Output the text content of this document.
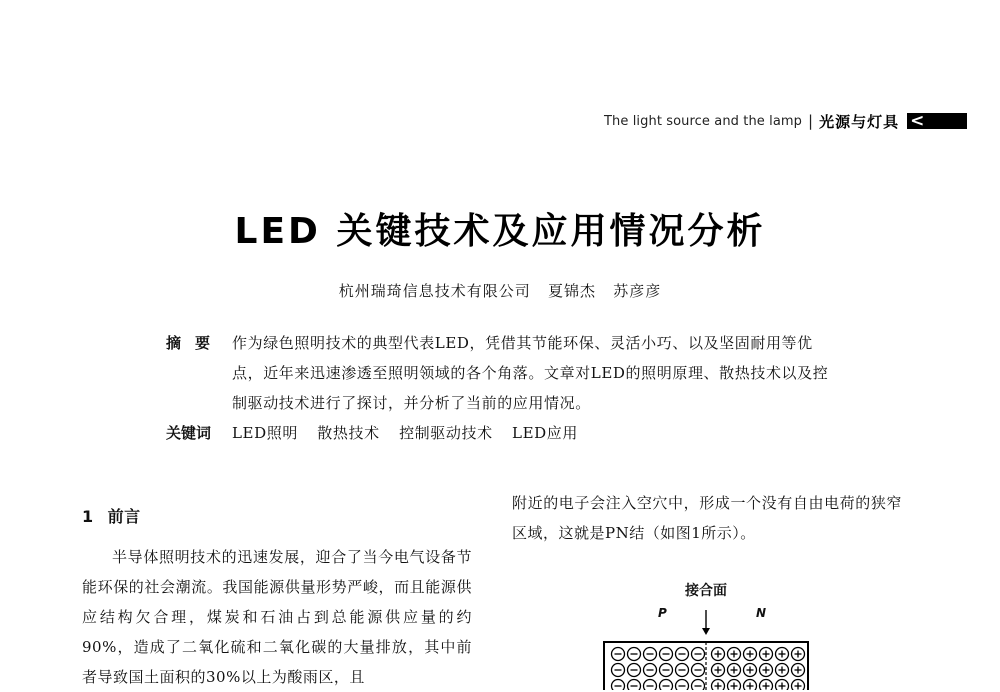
The light source and the lamp | 光源与灯具 <
LED 关键技术及应用情况分析
杭州瑞琦信息技术有限公司   夏锦杰   苏彦彦
摘要 作为绿色照明技术的典型代表LED，凭借其节能环保、灵活小巧、以及坚固耐用等优点，近年来迅速渗透至照明领域的各个角落。文章对LED的照明原理、散热技术以及控制驱动技术进行了探讨，并分析了当前的应用情况。
关键词	LED照明 散热技术 控制驱动技术 LED应用
1 前言

半导体照明技术的迅速发展，迎合了当今电气设备节能环保的社会潮流。我国能源供量形势严峻，而且能源供应结构欠合理，煤炭和石油占到总能源供应量的约90%，造成了二氧化硫和二氧化碳的大量排放，其中前者导致国土面积的30%以上为酸雨区，且

附近的电子会注入空穴中，形成一个没有自由电荷的狭窄区域，这就是PN结（如图1所示）。

接合面
P	N
